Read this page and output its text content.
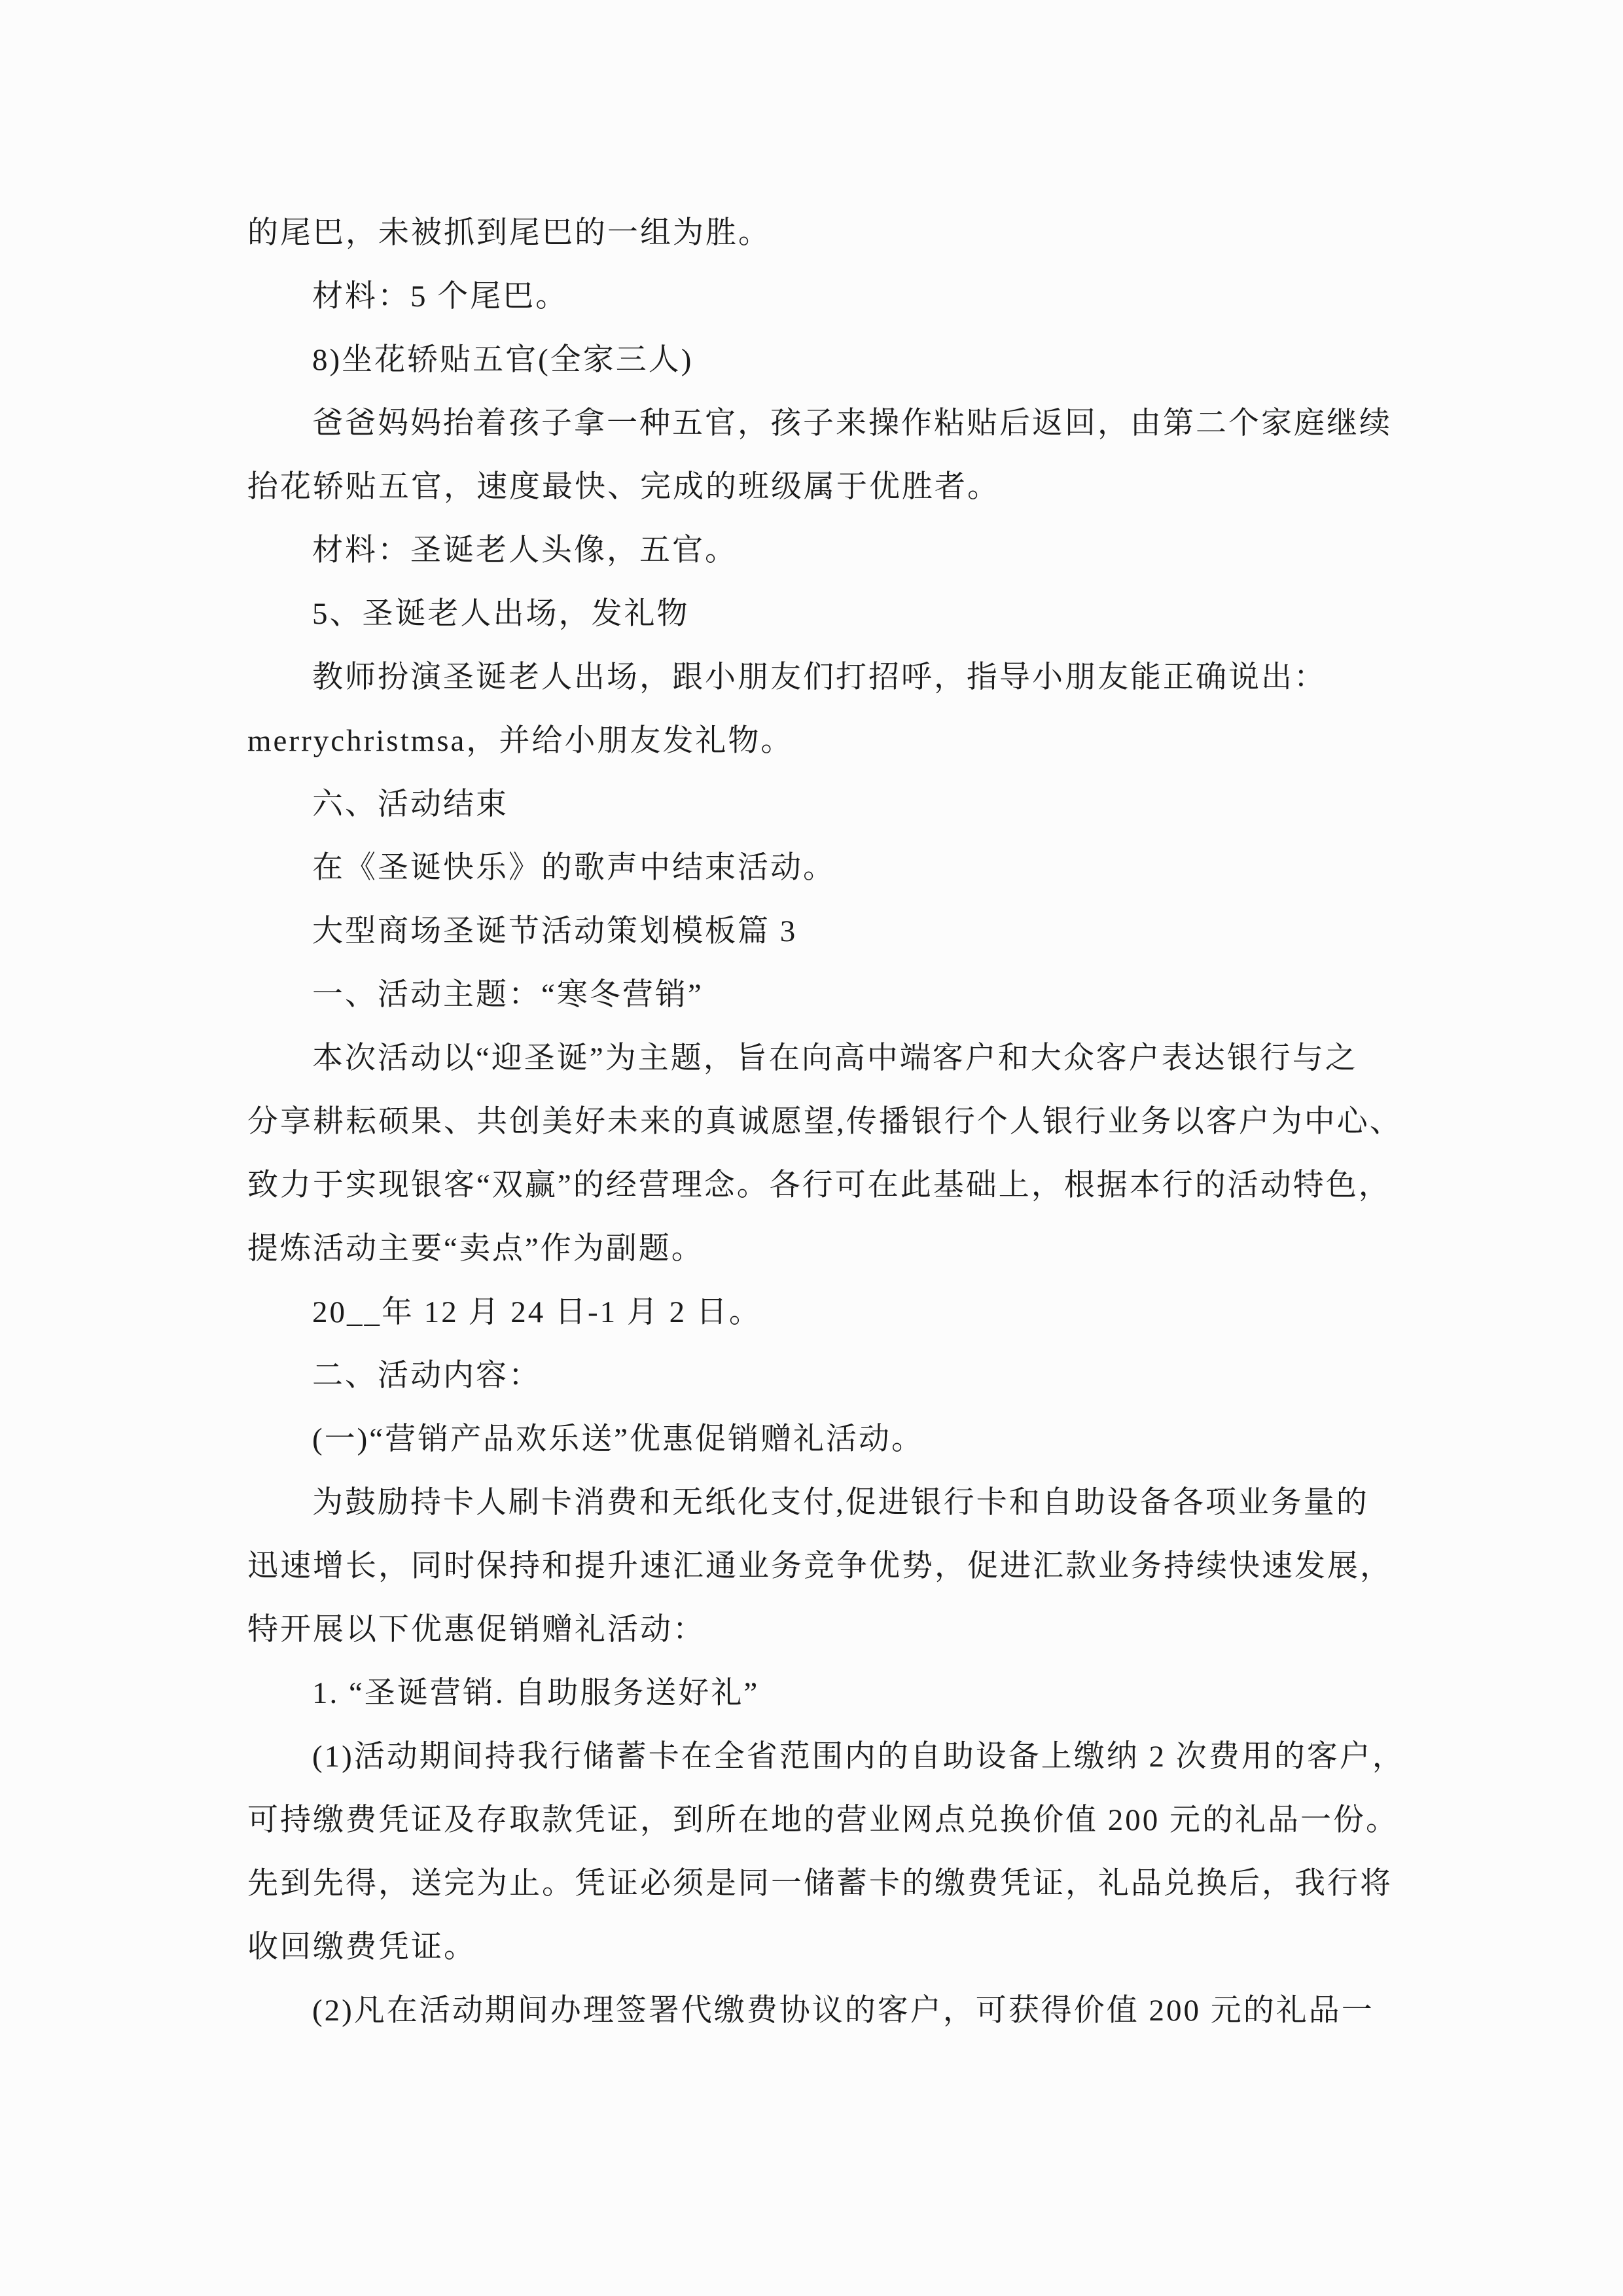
的尾巴，未被抓到尾巴的一组为胜。
材料：5 个尾巴。
8)坐花轿贴五官(全家三人)
爸爸妈妈抬着孩子拿一种五官，孩子来操作粘贴后返回，由第二个家庭继续
抬花轿贴五官，速度最快、完成的班级属于优胜者。
材料：圣诞老人头像，五官。
5、圣诞老人出场，发礼物
教师扮演圣诞老人出场，跟小朋友们打招呼，指导小朋友能正确说出：
merrychristmsa，并给小朋友发礼物。
六、活动结束
在《圣诞快乐》的歌声中结束活动。
大型商场圣诞节活动策划模板篇 3
一、活动主题：“寒冬营销”
本次活动以“迎圣诞”为主题，旨在向高中端客户和大众客户表达银行与之
分享耕耘硕果、共创美好未来的真诚愿望,传播银行个人银行业务以客户为中心、
致力于实现银客“双赢”的经营理念。各行可在此基础上，根据本行的活动特色，
提炼活动主要“卖点”作为副题。
20__年 12 月 24 日-1 月 2 日。
二、活动内容：
(一)“营销产品欢乐送”优惠促销赠礼活动。
为鼓励持卡人刷卡消费和无纸化支付,促进银行卡和自助设备各项业务量的
迅速增长，同时保持和提升速汇通业务竞争优势，促进汇款业务持续快速发展，
特开展以下优惠促销赠礼活动：
1. “圣诞营销. 自助服务送好礼”
(1)活动期间持我行储蓄卡在全省范围内的自助设备上缴纳 2 次费用的客户，
可持缴费凭证及存取款凭证，到所在地的营业网点兑换价值 200 元的礼品一份。
先到先得，送完为止。凭证必须是同一储蓄卡的缴费凭证，礼品兑换后，我行将
收回缴费凭证。
(2)凡在活动期间办理签署代缴费协议的客户，可获得价值 200 元的礼品一
